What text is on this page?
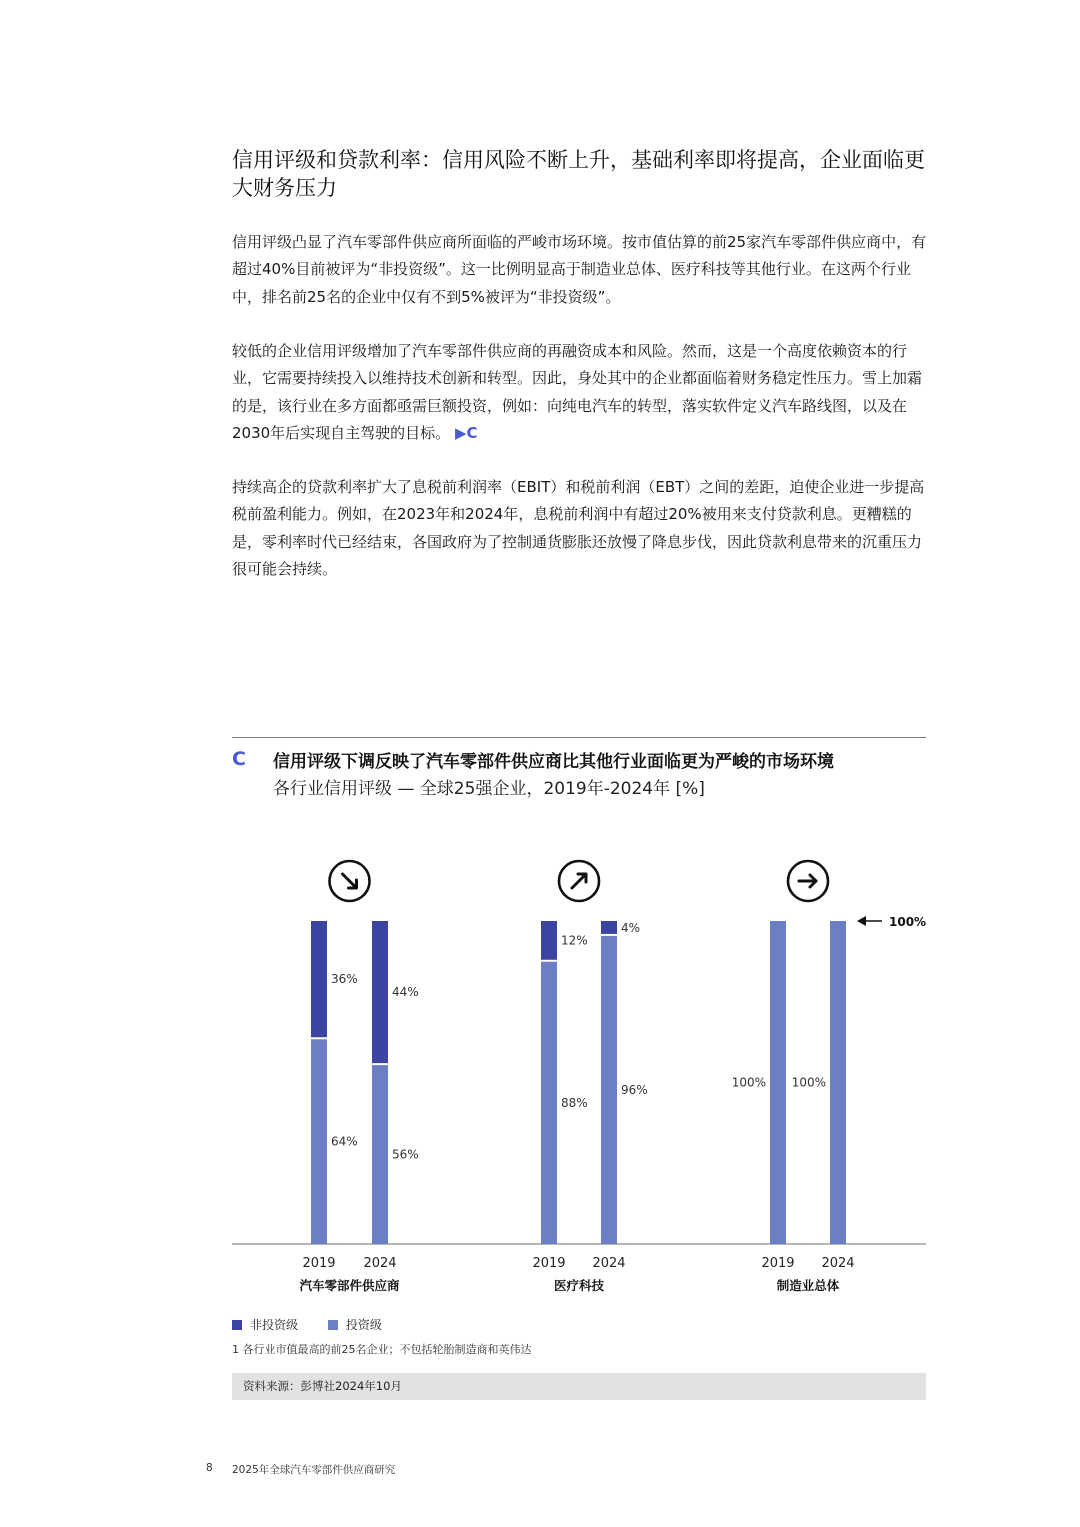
信用评级和贷款利率：信用风险不断上升，基础利率即将提高，企业面临更大财务压力

信用评级凸显了汽车零部件供应商所面临的严峻市场环境。按市值估算的前25家汽车零部件供应商中，有超过40%目前被评为“非投资级”。这一比例明显高于制造业总体、医疗科技等其他行业。在这两个行业中，排名前25名的企业中仅有不到5%被评为“非投资级”。

较低的企业信用评级增加了汽车零部件供应商的再融资成本和风险。然而，这是一个高度依赖资本的行业，它需要持续投入以维持技术创新和转型。因此，身处其中的企业都面临着财务稳定性压力。雪上加霜的是，该行业在多方面都亟需巨额投资，例如：向纯电汽车的转型，落实软件定义汽车路线图，以及在2030年后实现自主驾驶的目标。 ▶C

持续高企的贷款利率扩大了息税前利润率（EBIT）和税前利润（EBT）之间的差距，迫使企业进一步提高税前盈利能力。例如，在2023年和2024年，息税前利润中有超过20%被用来支付贷款利息。更糟糕的是，零利率时代已经结束，各国政府为了控制通货膨胀还放慢了降息步伐，因此贷款利息带来的沉重压力很可能会持续。

C 信用评级下调反映了汽车零部件供应商比其他行业面临更为严峻的市场环境
各行业信用评级 — 全球25强企业，2019年-2024年 [%]
36%
64%
2019
44%
56%
2024
汽车零部件供应商
12%
88%
2019
4%
96%
2024
医疗科技
100%
2019
100%
2024
制造业总体
100%
非投资级
	投资级
1 各行业市值最高的前25名企业；不包括轮胎制造商和英伟达
资料来源：彭博社2024年10月
8 2025年全球汽车零部件供应商研究
